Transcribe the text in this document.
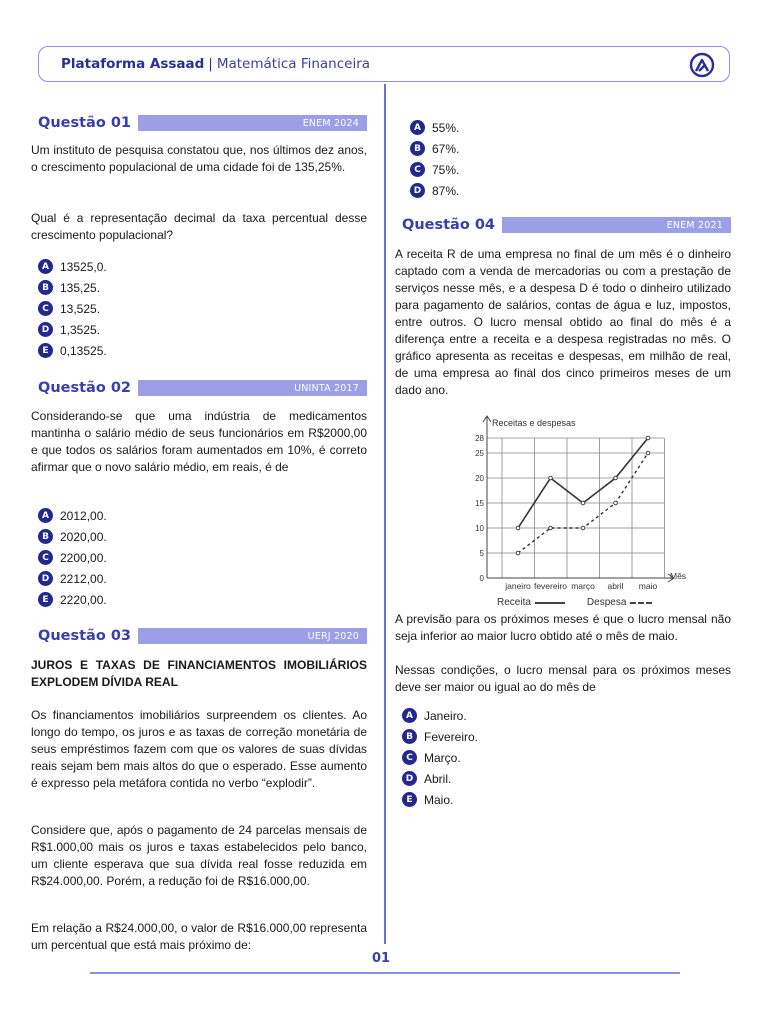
Plataforma Assaad | Matemática Financeira
Questão 01	ENEM 2024

Um instituto de pesquisa constatou que, nos últimos dez anos, o crescimento populacional de uma cidade foi de 135,25%.

Qual é a representação decimal da taxa percentual desse crescimento populacional?

A 13525,0.
B 135,25.
C 13,525.
D 1,3525.
E 0,13525.
Questão 02	UNINTA 2017

Considerando-se que uma indústria de medicamentos mantinha o salário médio de seus funcionários em R$2000,00 e que todos os salários foram aumentados em 10%, é correto afirmar que o novo salário médio, em reais, é de

A 2012,00.
B 2020,00.
C 2200,00.
D 2212,00.
E 2220,00.
Questão 03	UERJ 2020

JUROS E TAXAS DE FINANCIAMENTOS IMOBILIÁRIOS EXPLODEM DÍVIDA REAL

Os financiamentos imobiliários surpreendem os clientes. Ao longo do tempo, os juros e as taxas de correção monetária de seus empréstimos fazem com que os valores de suas dívidas reais sejam bem mais altos do que o esperado. Esse aumento é expresso pela metáfora contida no verbo “explodir”.

Considere que, após o pagamento de 24 parcelas mensais de R$1.000,00 mais os juros e taxas estabelecidos pelo banco, um cliente esperava que sua dívida real fosse reduzida em R$24.000,00. Porém, a redução foi de R$16.000,00.

Em relação a R$24.000,00, o valor de R$16.000,00 representa um percentual que está mais próximo de:

A 55%.
B 67%.
C 75%.
D 87%.
Questão 04	ENEM 2021

A receita R de uma empresa no final de um mês é o dinheiro captado com a venda de mercadorias ou com a prestação de serviços nesse mês, e a despesa D é todo o dinheiro utilizado para pagamento de salários, contas de água e luz, impostos, entre outros. O lucro mensal obtido ao final do mês é a diferença entre a receita e a despesa registradas no mês. O gráfico apresenta as receitas e despesas, em milhão de real, de uma empresa ao final dos cinco primeiros meses de um dado ano.

Receitas e despesas
Mês
0
5
10
15
20
25
28
janeiro fevereiro março abril maio
Receita	Despesa

A previsão para os próximos meses é que o lucro mensal não seja inferior ao maior lucro obtido até o mês de maio.

Nessas condições, o lucro mensal para os próximos meses deve ser maior ou igual ao do mês de

A Janeiro.
B Fevereiro.
C Março.
D Abril.
E Maio.
01
